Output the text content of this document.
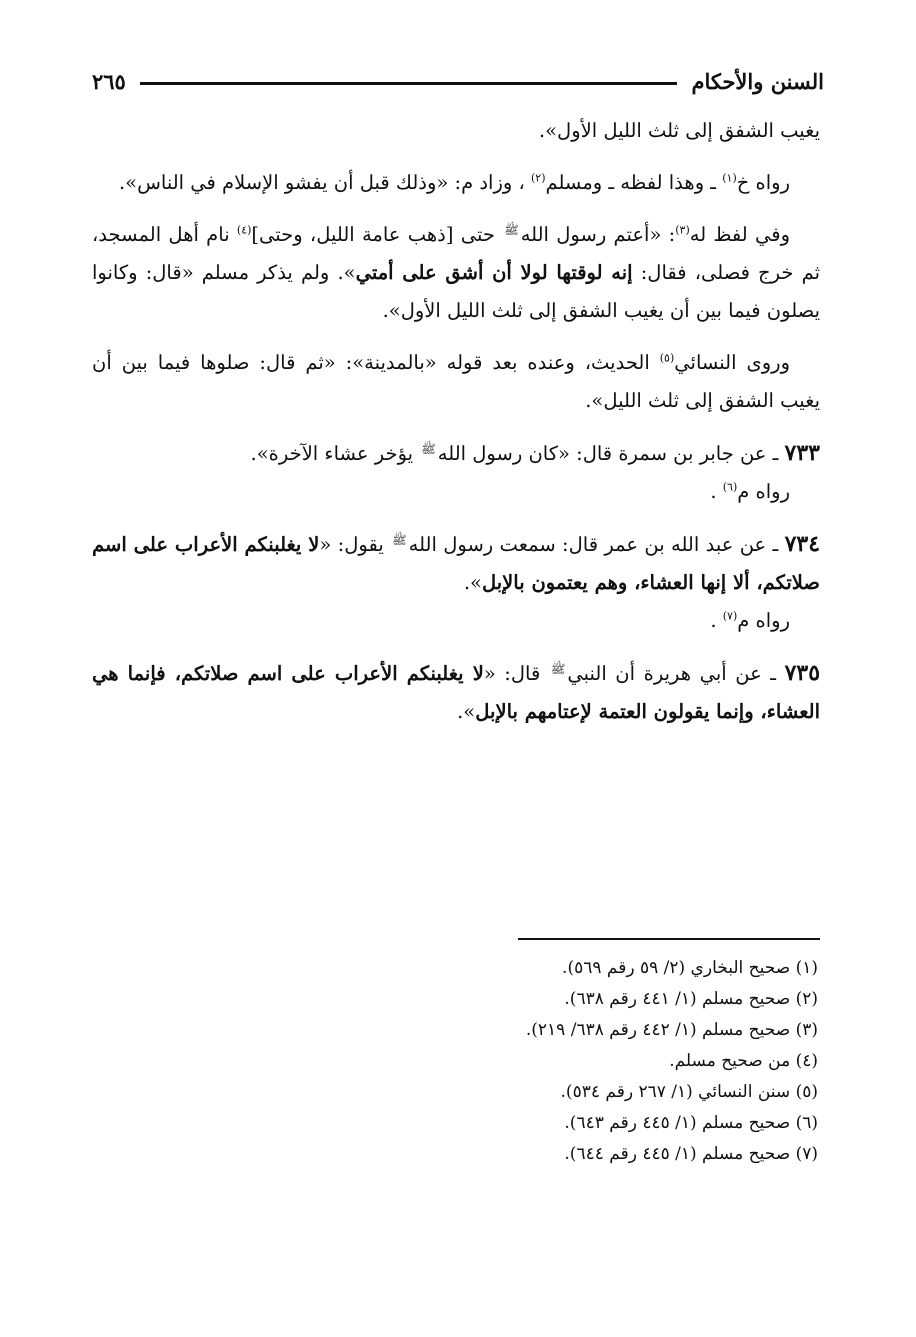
السنن والأحكام
٢٦٥

يغيب الشفق إلى ثلث الليل الأول».

رواه خ$^{(١)}$ ـ وهذا لفظه ـ ومسلم$^{(٢)}$ ، وزاد م: «وذلك قبل أن يفشو الإسلام في الناس».

وفي لفظ له$^{(٣)}$: «أعتم رسول الله$^ﷺ$ حتى [ذهب عامة الليل، وحتى]$^{(٤)}$ نام أهل المسجد، ثم خرج فصلى، فقال: إنه لوقتها لولا أن أشق على أمتي». ولم يذكر مسلم «قال: وكانوا يصلون فيما بين أن يغيب الشفق إلى ثلث الليل الأول».

وروى النسائي$^{(٥)}$ الحديث، وعنده بعد قوله «بالمدينة»: «ثم قال: صلوها فيما بين أن يغيب الشفق إلى ثلث الليل».

٧٣٣ ـ عن جابر بن سمرة قال: «كان رسول الله$^ﷺ$ يؤخر عشاء الآخرة».
رواه م$^{(٦)}$ .

٧٣٤ ـ عن عبد الله بن عمر قال: سمعت رسول الله$^ﷺ$ يقول: «لا يغلبنكم الأعراب على اسم صلاتكم، ألا إنها العشاء، وهم يعتمون بالإبل».
رواه م$^{(٧)}$ .

٧٣٥ ـ عن أبي هريرة أن النبي$^ﷺ$ قال: «لا يغلبنكم الأعراب على اسم صلاتكم، فإنما هي العشاء، وإنما يقولون العتمة لإعتامهم بالإبل».

(١) صحيح البخاري (٢/ ٥٩ رقم ٥٦٩).
(٢) صحيح مسلم (١/ ٤٤١ رقم ٦٣٨).
(٣) صحيح مسلم (١/ ٤٤٢ رقم ٦٣٨/ ٢١٩).
(٤) من صحيح مسلم.
(٥) سنن النسائي (١/ ٢٦٧ رقم ٥٣٤).
(٦) صحيح مسلم (١/ ٤٤٥ رقم ٦٤٣).
(٧) صحيح مسلم (١/ ٤٤٥ رقم ٦٤٤).
